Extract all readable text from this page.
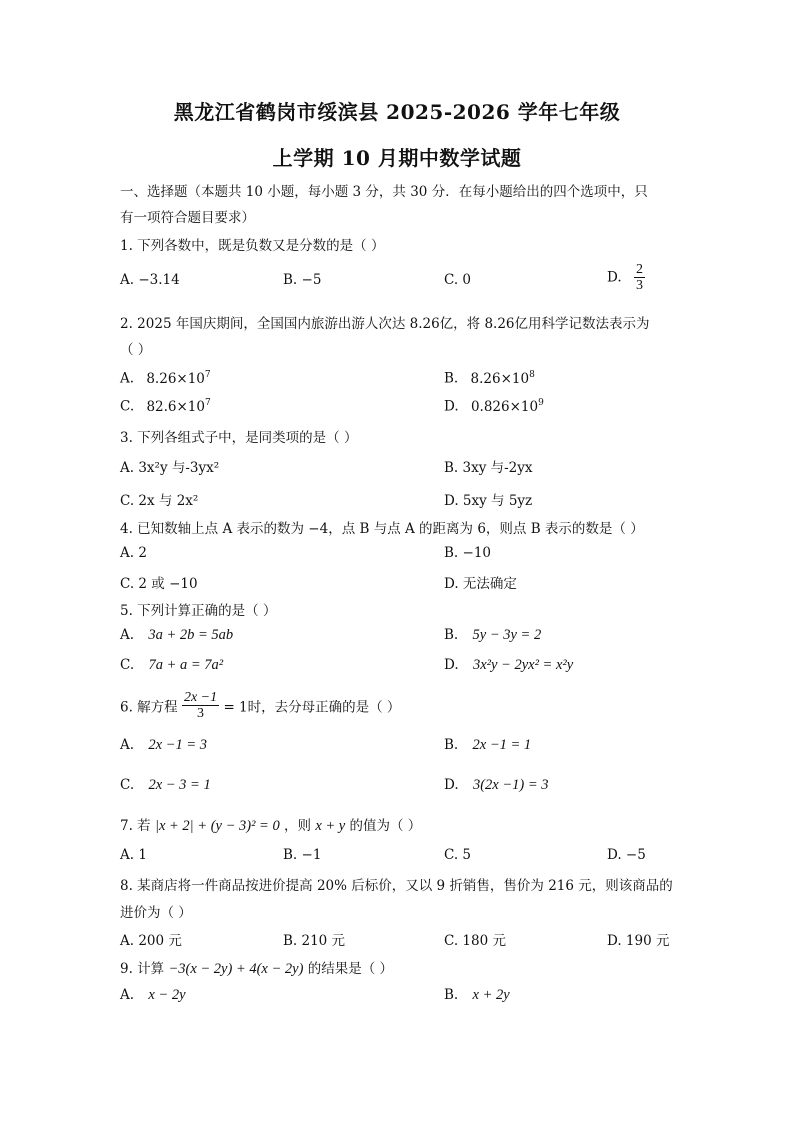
黑龙江省鹤岗市绥滨县 2025-2026 学年七年级
上学期 10 月期中数学试题
一、选择题（本题共 10 小题，每小题 3 分，共 30 分．在每小题给出的四个选项中，只
有一项符合题目要求）
1. 下列各数中，既是负数又是分数的是（ ）
A. −3.14	B. −5	C. 0	D. $\frac{2}{3}$
2. 2025 年国庆期间，全国国内旅游出游人次达 8.26亿，将 8.26亿用科学记数法表示为
（ ）
A. $8.26\times 10^7$	B. $8.26\times 10^8$
C. $82.6\times 10^7$	D. $0.826\times 10^9$
3. 下列各组式子中，是同类项的是（ ）
A. 3x²y 与-3yx²	B. 3xy 与-2yx
C. 2x 与 2x²	D. 5xy 与 5yz
4. 已知数轴上点 A 表示的数为 −4，点 B 与点 A 的距离为 6，则点 B 表示的数是（ ）
A. 2	B. −10
C. 2 或 −10	D. 无法确定
5. 下列计算正确的是（ ）
A. 3a + 2b = 5ab	B. 5y − 3y = 2
C. 7a + a = 7a²	D. 3x²y − 2yx² = x²y
6. 解方程 $\frac{2x -1}{3} = 1$时，去分母正确的是（ ）
A. 2x −1 = 3	B. 2x −1 = 1
C. 2x − 3 = 1	D. 3(2x −1) = 3
7. 若 |x + 2| + (y − 3)² = 0 ，则 x + y 的值为（ ）
A. 1	B. −1	C. 5	D. −5
8. 某商店将一件商品按进价提高 20% 后标价，又以 9 折销售，售价为 216 元，则该商品的
进价为（ ）
A. 200 元	B. 210 元	C. 180 元	D. 190 元
9. 计算 −3(x − 2y) + 4(x − 2y) 的结果是（ ）
A. x − 2y	B. x + 2y
